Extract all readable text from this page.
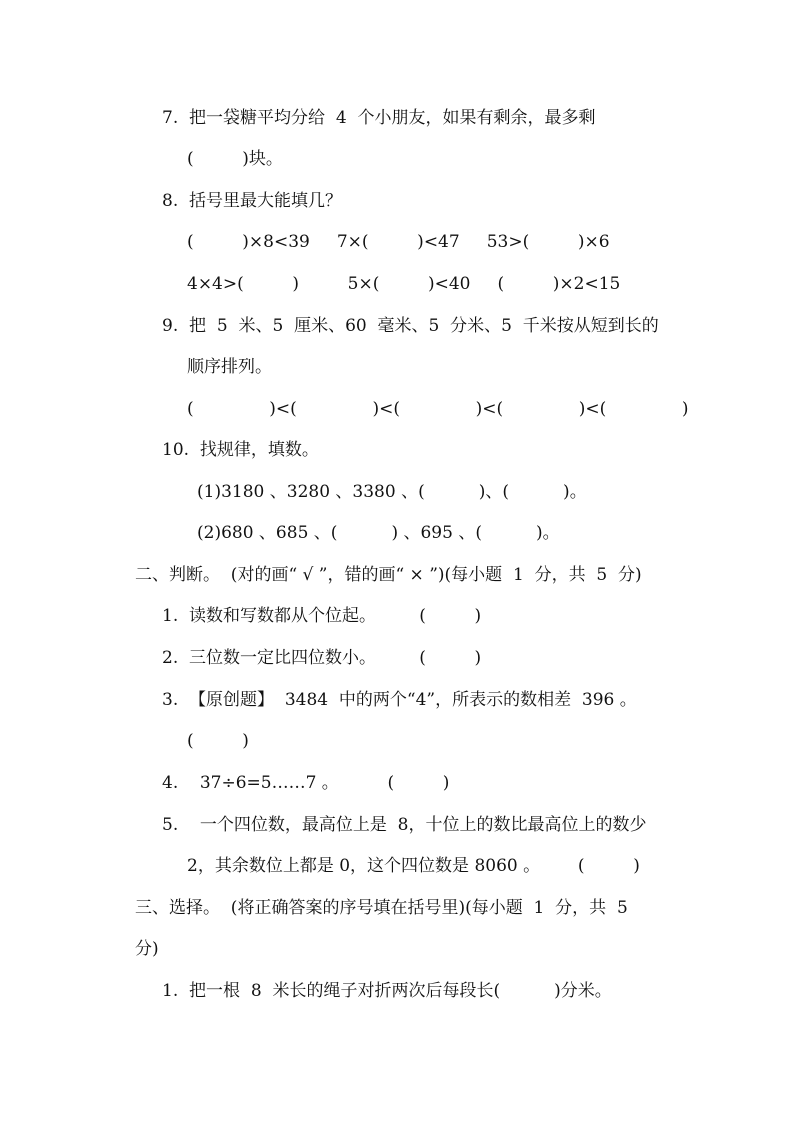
7.  把一袋糖平均分给  4  个小朋友，如果有剩余，最多剩
(         )块。
8.  括号里最大能填几？
(         )×8<39     7×(         )<47     53>(         )×6
4×4>(         )         5×(         )<40     (         )×2<15
9.  把  5  米、5  厘米、60  毫米、5  分米、5  千米按从短到长的
顺序排列。
(              )<(              )<(              )<(              )<(              )
10.  找规律，填数。
(1)3180 、3280 、3380 、(          )、(          )。
(2)680 、685 、(          ) 、695 、(          )。
二、判断。  (对的画“ √ ”，错的画“ × ”)(每小题  1  分，共  5  分)
1.  读数和写数都从个位起。        (         )
2.  三位数一定比四位数小。        (         )
3.  【原创题】  3484  中的两个“4”，所表示的数相差  396 。
(         )
4.    37÷6=5……7 。         (         )
5.    一个四位数，最高位上是  8，十位上的数比最高位上的数少
2，其余数位上都是 0，这个四位数是 8060 。       (         )
三、选择。  (将正确答案的序号填在括号里)(每小题  1  分，共  5
分)
1.  把一根  8  米长的绳子对折两次后每段长(          )分米。
